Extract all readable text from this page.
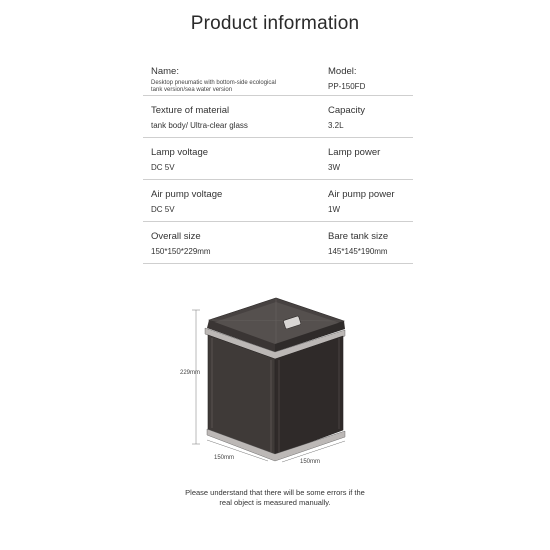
Product information
Name:
Desktop pneumatic with bottom-side ecological
tank version/sea water version
Model:
PP-150FD
Texture of material
tank body/ Ultra-clear glass
Capacity
3.2L
Lamp voltage
DC 5V
Lamp power
3W
Air pump voltage
DC 5V
Air pump power
1W
Overall size
150*150*229mm
Bare tank size
145*145*190mm
229mm
150mm
150mm
Please understand that there will be some errors if the
real object is measured manually.
